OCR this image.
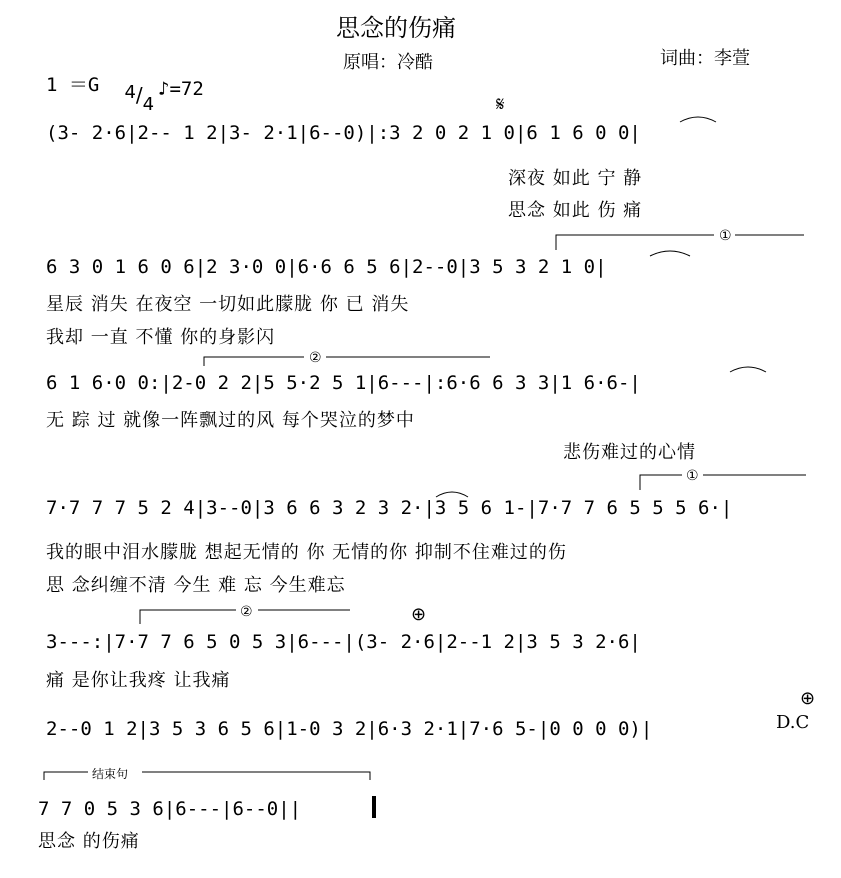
思念的伤痛
原唱：冷酷	词曲：李萱
1 ＝G	4/4

♪=72
𝄋
⊕
⊕
D.C
①
②
①
②
结束句
(3- 2·6|2-- 1 2|3- 2·1|6--0)|:3 2 0 2 1 0|6 1 6 0 0|
深夜 如此 宁 静
思念 如此 伤 痛
6 3 0 1 6 0 6|2 3·0 0|6·6 6 5 6|2--0|3 5 3 2 1 0|
星辰 消失 在夜空 一切如此朦胧 你 已 消失
我却 一直 不懂 你的身影闪
6 1 6·0 0:|2-0 2 2|5 5·2 5 1|6---|:6·6 6 3 3|1 6·6-|
无 踪 过 就像一阵飘过的风 每个哭泣的梦中
悲伤难过的心情
7·7 7 7 5 2 4|3--0|3 6 6 3 2 3 2·|3 5 6 1-|7·7 7 6 5 5 5 6·|
我的眼中泪水朦胧 想起无情的 你 无情的你 抑制不住难过的伤
思 念纠缠不清 今生 难 忘 今生难忘
3---:|7·7 7 6 5 0 5 3|6---|(3- 2·6|2--1 2|3 5 3 2·6|
痛 是你让我疼 让我痛
2--0 1 2|3 5 3 6 5 6|1-0 3 2|6·3 2·1|7·6 5-|0 0 0 0)|
7 7 0 5 3 6|6---|6--0||
思念 的伤痛
